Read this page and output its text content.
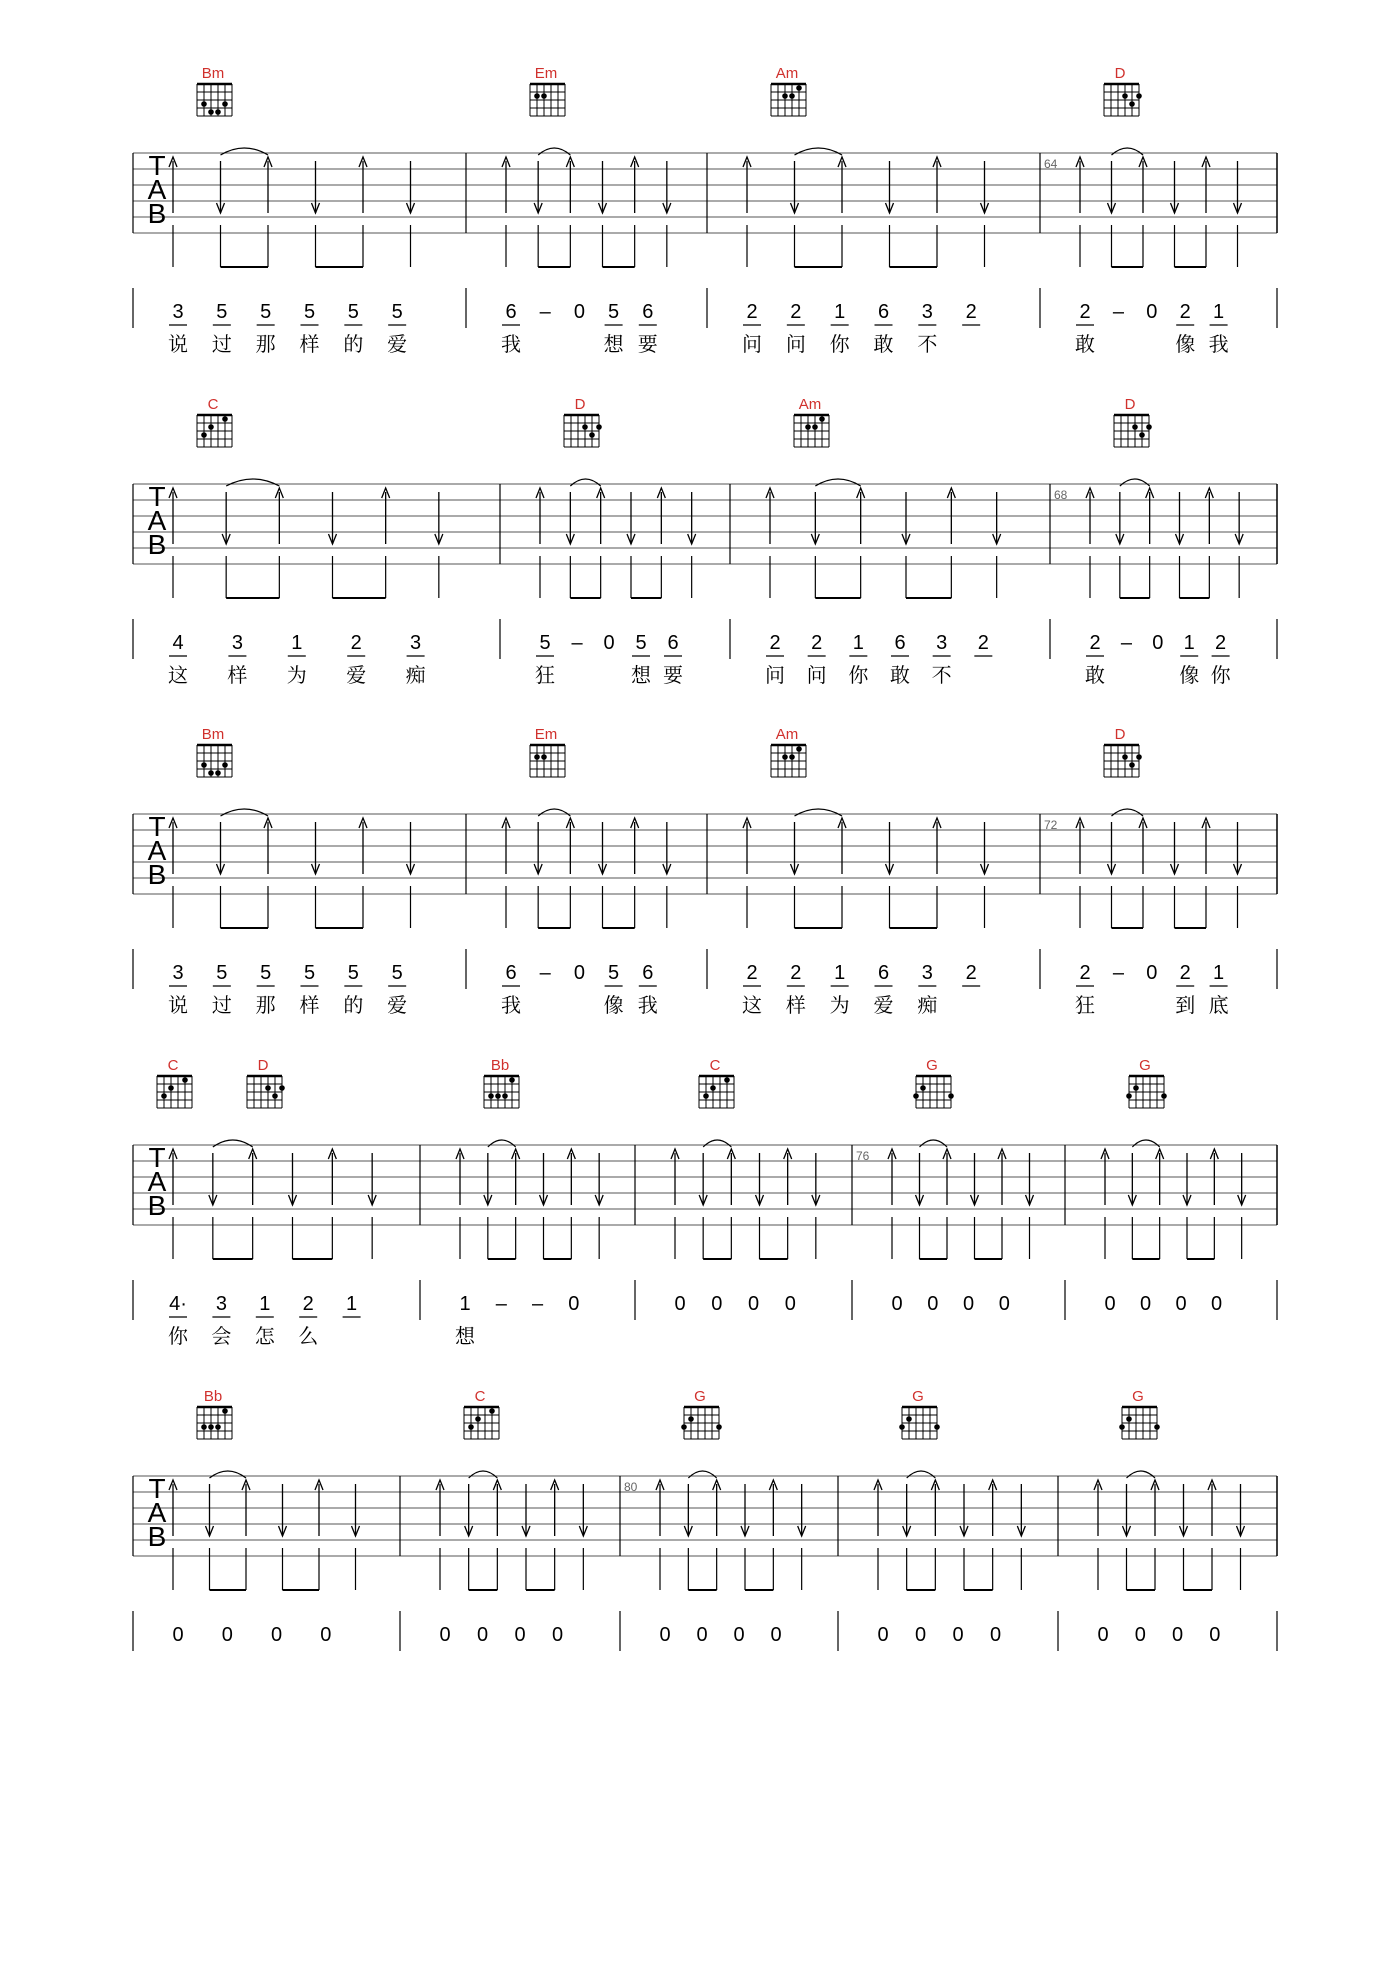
T
A
B
64
Bm
3 5 5 5 5 5
说 过 那 样 的 爱
Em
6 – 0 5 6
我	想 要
Am
2 2 1 6 3 2
问 问 你 敢 不
D
2 – 0 2 1
敢	像 我
T
A
B
68
C
4 3 1 2 3
这 样 为 爱 痴
D
5 – 0 5 6
狂	想 要
Am
2 2 1 6 3 2
问 问 你 敢 不
D
2 – 0 1 2
敢	像 你
T
A
B
72
Bm
3 5 5 5 5 5
说 过 那 样 的 爱
Em
6 – 0 5 6
我	像 我
Am
2 2 1 6 3 2
这 样 为 爱 痴
D
2 – 0 2 1
狂	到 底
T
A
B
76
C	D
4· 3 1 2 1
你 会 怎 么
Bb
1 – – 0
想
C
0 0 0 0
G
0 0 0 0
G
0 0 0 0
T
A
B
80
Bb
0 0 0 0
C
0 0 0 0
G
0 0 0 0
G
0 0 0 0
G
0 0 0 0
